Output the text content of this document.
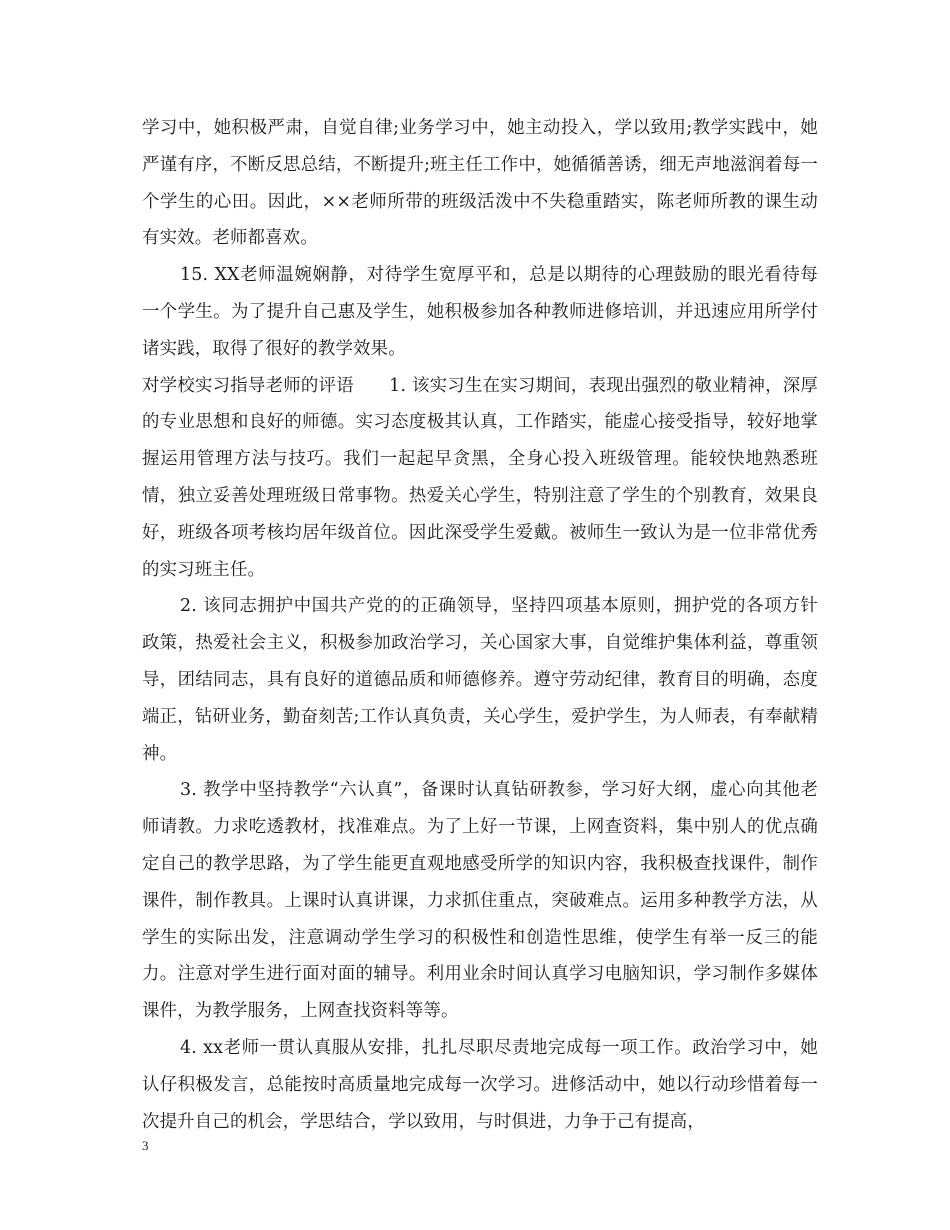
学习中，她积极严肃，自觉自律;业务学习中，她主动投入，学以致用;教学实践中，她严谨有序，不断反思总结，不断提升;班主任工作中，她循循善诱，细无声地滋润着每一个学生的心田。因此，××老师所带的班级活泼中不失稳重踏实，陈老师所教的课生动有实效。老师都喜欢。

15. XX老师温婉娴静，对待学生宽厚平和，总是以期待的心理鼓励的眼光看待每一个学生。为了提升自己惠及学生，她积极参加各种教师进修培训，并迅速应用所学付诸实践，取得了很好的教学效果。

对学校实习指导老师的评语　　1. 该实习生在实习期间，表现出强烈的敬业精神，深厚的专业思想和良好的师德。实习态度极其认真，工作踏实，能虚心接受指导，较好地掌握运用管理方法与技巧。我们一起起早贪黑，全身心投入班级管理。能较快地熟悉班情，独立妥善处理班级日常事物。热爱关心学生，特别注意了学生的个别教育，效果良好，班级各项考核均居年级首位。因此深受学生爱戴。被师生一致认为是一位非常优秀的实习班主任。

2. 该同志拥护中国共产党的的正确领导，坚持四项基本原则，拥护党的各项方针政策，热爱社会主义，积极参加政治学习，关心国家大事，自觉维护集体利益，尊重领导，团结同志，具有良好的道德品质和师德修养。遵守劳动纪律，教育目的明确，态度端正，钻研业务，勤奋刻苦;工作认真负责，关心学生，爱护学生，为人师表，有奉献精神。

3. 教学中坚持教学“六认真”，备课时认真钻研教参，学习好大纲，虚心向其他老师请教。力求吃透教材，找准难点。为了上好一节课，上网查资料，集中别人的优点确定自己的教学思路，为了学生能更直观地感受所学的知识内容，我积极查找课件，制作课件，制作教具。上课时认真讲课，力求抓住重点，突破难点。运用多种教学方法，从学生的实际出发，注意调动学生学习的积极性和创造性思维，使学生有举一反三的能力。注意对学生进行面对面的辅导。利用业余时间认真学习电脑知识，学习制作多媒体课件，为教学服务，上网查找资料等等。

4. xx老师一贯认真服从安排，扎扎尽职尽责地完成每一项工作。政治学习中，她认仔积极发言，总能按时高质量地完成每一次学习。进修活动中，她以行动珍惜着每一次提升自己的机会，学思结合，学以致用，与时俱进，力争于己有提高，

3
